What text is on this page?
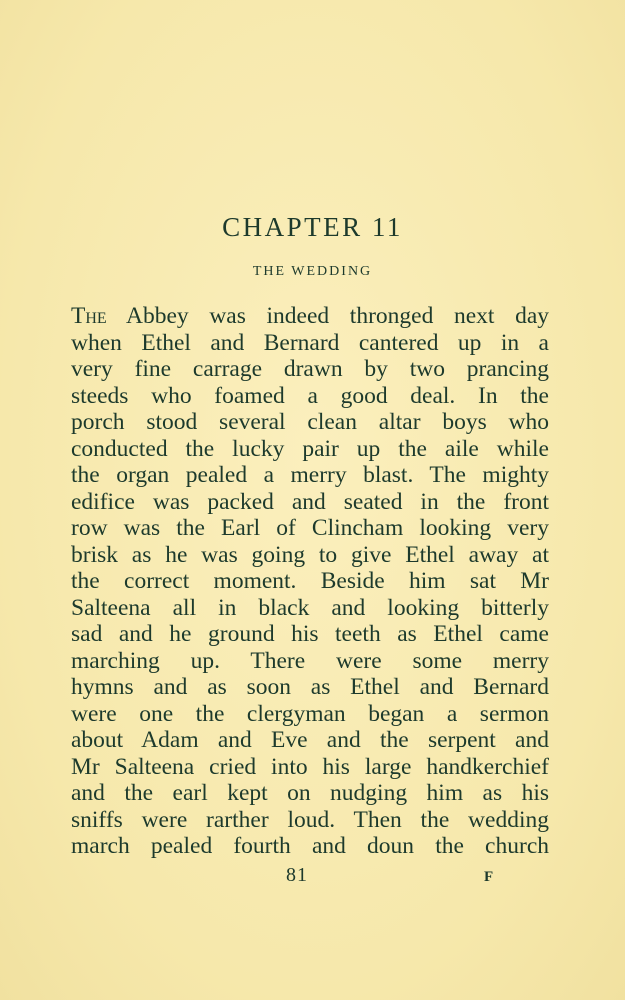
CHAPTER 11
THE WEDDING
The Abbey was indeed thronged next day
when Ethel and Bernard cantered up in a
very fine carrage drawn by two prancing
steeds who foamed a good deal. In the
porch stood several clean altar boys who
conducted the lucky pair up the aile while
the organ pealed a merry blast. The mighty
edifice was packed and seated in the front
row was the Earl of Clincham looking very
brisk as he was going to give Ethel away at
the correct moment. Beside him sat Mr
Salteena all in black and looking bitterly
sad and he ground his teeth as Ethel came
marching up. There were some merry
hymns and as soon as Ethel and Bernard
were one the clergyman began a sermon
about Adam and Eve and the serpent and
Mr Salteena cried into his large handkerchief
and the earl kept on nudging him as his
sniffs were rarther loud. Then the wedding
march pealed fourth and doun the church
81	F
